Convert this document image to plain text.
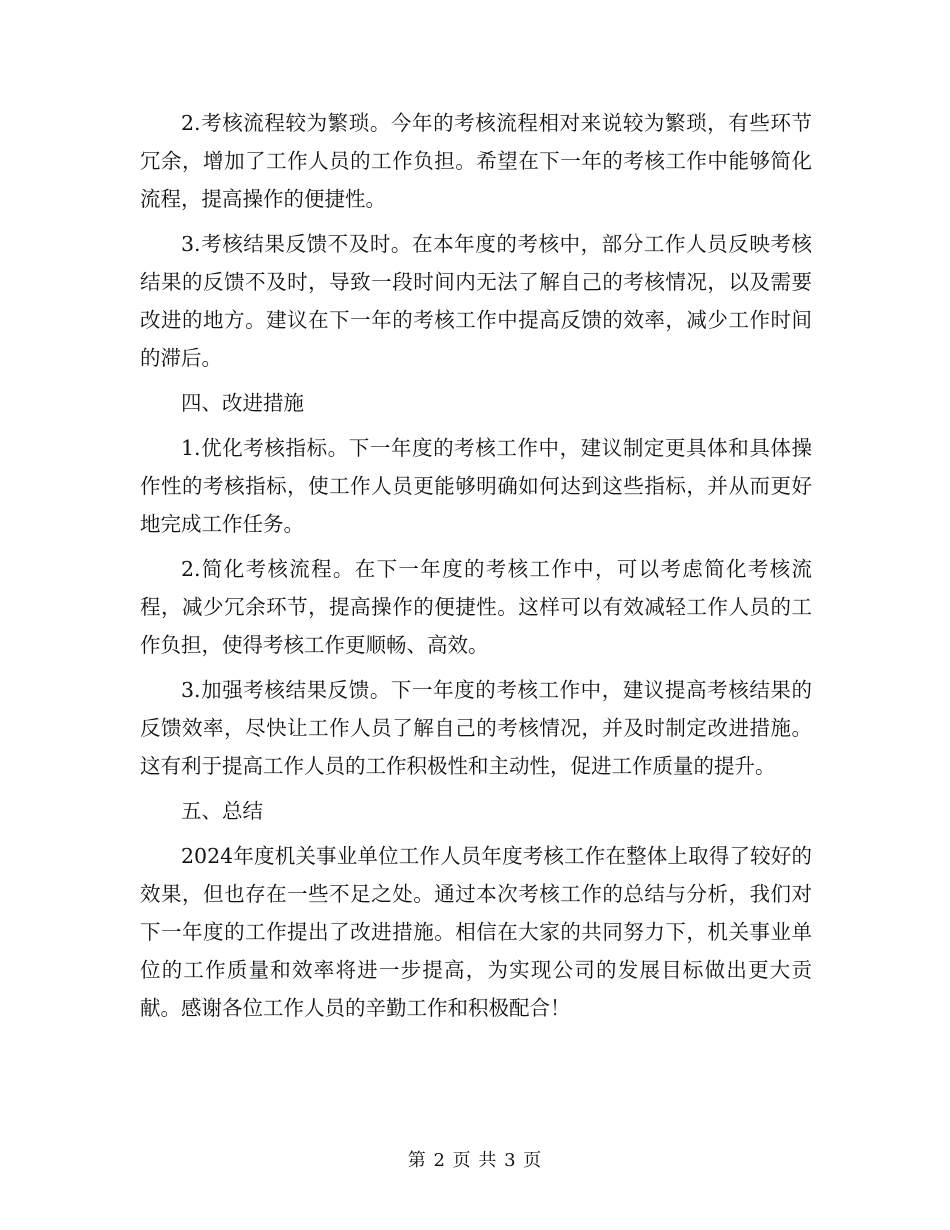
2.考核流程较为繁琐。今年的考核流程相对来说较为繁琐，有些环节冗余，增加了工作人员的工作负担。希望在下一年的考核工作中能够简化流程，提高操作的便捷性。

3.考核结果反馈不及时。在本年度的考核中，部分工作人员反映考核结果的反馈不及时，导致一段时间内无法了解自己的考核情况，以及需要改进的地方。建议在下一年的考核工作中提高反馈的效率，减少工作时间的滞后。

四、改进措施

1.优化考核指标。下一年度的考核工作中，建议制定更具体和具体操作性的考核指标，使工作人员更能够明确如何达到这些指标，并从而更好地完成工作任务。

2.简化考核流程。在下一年度的考核工作中，可以考虑简化考核流程，减少冗余环节，提高操作的便捷性。这样可以有效减轻工作人员的工作负担，使得考核工作更顺畅、高效。

3.加强考核结果反馈。下一年度的考核工作中，建议提高考核结果的反馈效率，尽快让工作人员了解自己的考核情况，并及时制定改进措施。这有利于提高工作人员的工作积极性和主动性，促进工作质量的提升。

五、总结

2024年度机关事业单位工作人员年度考核工作在整体上取得了较好的效果，但也存在一些不足之处。通过本次考核工作的总结与分析，我们对下一年度的工作提出了改进措施。相信在大家的共同努力下，机关事业单位的工作质量和效率将进一步提高，为实现公司的发展目标做出更大贡献。感谢各位工作人员的辛勤工作和积极配合！

第 2 页 共 3 页
